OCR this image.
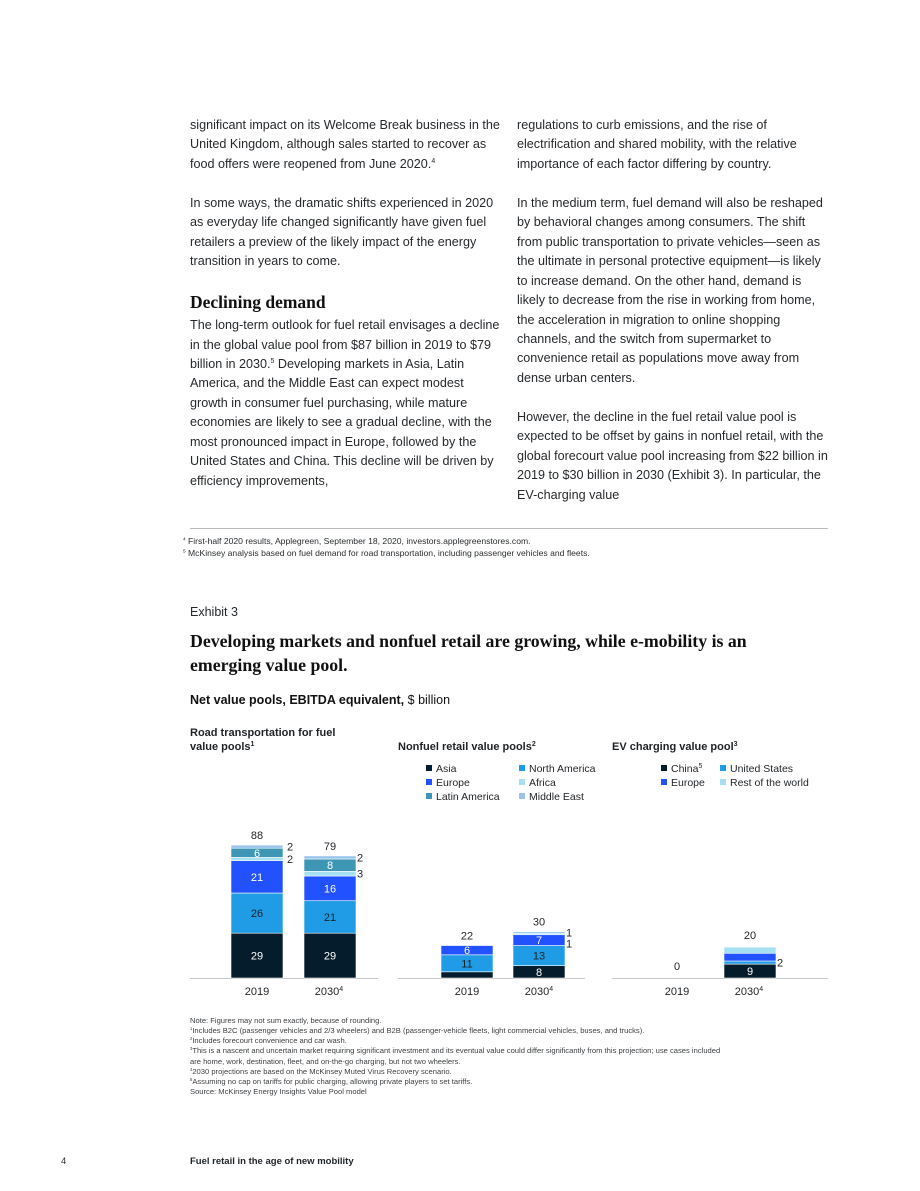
significant impact on its Welcome Break business in the United Kingdom, although sales started to recover as food offers were reopened from June 2020.$^4$

In some ways, the dramatic shifts experienced in 2020 as everyday life changed significantly have given fuel retailers a preview of the likely impact of the energy transition in years to come.

Declining demand

The long-term outlook for fuel retail envisages a decline in the global value pool from $87 billion in 2019 to $79 billion in 2030.$^5$ Developing markets in Asia, Latin America, and the Middle East can expect modest growth in consumer fuel purchasing, while mature economies are likely to see a gradual decline, with the most pronounced impact in Europe, followed by the United States and China. This decline will be driven by efficiency improvements,

regulations to curb emissions, and the rise of electrification and shared mobility, with the relative importance of each factor differing by country.

In the medium term, fuel demand will also be reshaped by behavioral changes among consumers. The shift from public transportation to private vehicles—seen as the ultimate in personal protective equipment—is likely to increase demand. On the other hand, demand is likely to decrease from the rise in working from home, the acceleration in migration to online shopping channels, and the switch from supermarket to convenience retail as populations move away from dense urban centers.

However, the decline in the fuel retail value pool is expected to be offset by gains in nonfuel retail, with the global forecourt value pool increasing from $22 billion in 2019 to $30 billion in 2030 (Exhibit 3). In particular, the EV-charging value

$^4$ First-half 2020 results, Applegreen, September 18, 2020, investors.applegreenstores.com.
$^5$ McKinsey analysis based on fuel demand for road transportation, including passenger vehicles and fleets.
Exhibit 3
Developing markets and nonfuel retail are growing, while e-mobility is an emerging value pool.
Net value pools, EBITDA equivalent, $ billion
Road transportation for fuel
value pools$^1$
29
26
21
6
2
2
88
2019
29
21
16
8
2
3
79
2030$^4$
Nonfuel retail value pools$^2$
11
6
22
2019
8
13
7
1
1
30
2030$^4$
EV charging value pool$^3$
0
2019
9
2
20
2030$^4$
Asia	North America
Europe	Africa
Latin America	Middle East
China$^5$	United States
Europe Rest of the world
Note: Figures may not sum exactly, because of rounding.
$^1$Includes B2C (passenger vehicles and 2/3 wheelers) and B2B (passenger-vehicle fleets, light commercial vehicles, buses, and trucks).
$^2$Includes forecourt convenience and car wash.
$^3$This is a nascent and uncertain market requiring significant investment and its eventual value could differ significantly from this projection; use cases included
are home, work, destination, fleet, and on-the-go charging, but not two wheelers.
$^4$2030 projections are based on the McKinsey Muted Virus Recovery scenario.
$^5$Assuming no cap on tariffs for public charging, allowing private players to set tariffs.
Source: McKinsey Energy Insights Value Pool model
4	Fuel retail in the age of new mobility
